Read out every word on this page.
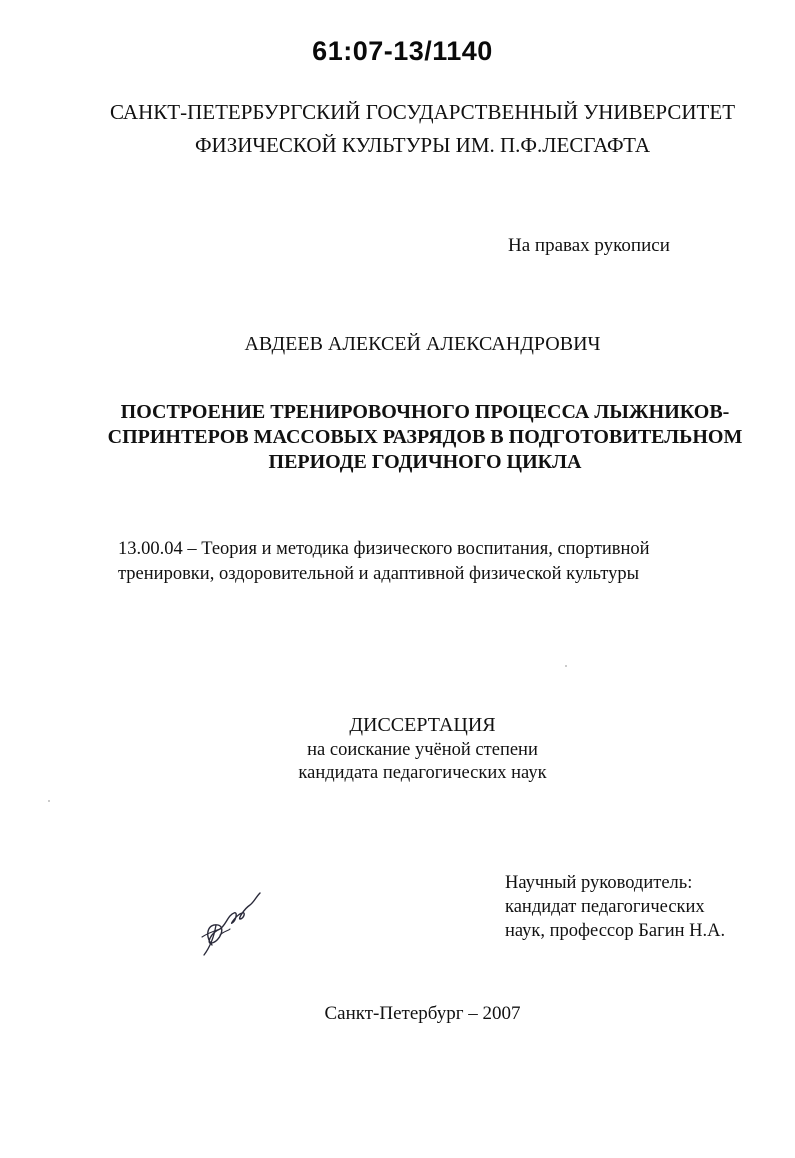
61:07-13/1140
САНКТ-ПЕТЕРБУРГСКИЙ ГОСУДАРСТВЕННЫЙ УНИВЕРСИТЕТ
ФИЗИЧЕСКОЙ КУЛЬТУРЫ ИМ. П.Ф.ЛЕСГАФТА
На правах рукописи
АВДЕЕВ АЛЕКСЕЙ АЛЕКСАНДРОВИЧ
ПОСТРОЕНИЕ ТРЕНИРОВОЧНОГО ПРОЦЕССА ЛЫЖНИКОВ-
СПРИНТЕРОВ МАССОВЫХ РАЗРЯДОВ В ПОДГОТОВИТЕЛЬНОМ
ПЕРИОДЕ ГОДИЧНОГО ЦИКЛА
13.00.04 – Теория и методика физического воспитания, спортивной
тренировки, оздоровительной и адаптивной физической культуры
ДИССЕРТАЦИЯ
на соискание учёной степени
кандидата педагогических наук
Научный руководитель:
кандидат педагогических
наук, профессор Багин Н.А.
Санкт-Петербург – 2007
